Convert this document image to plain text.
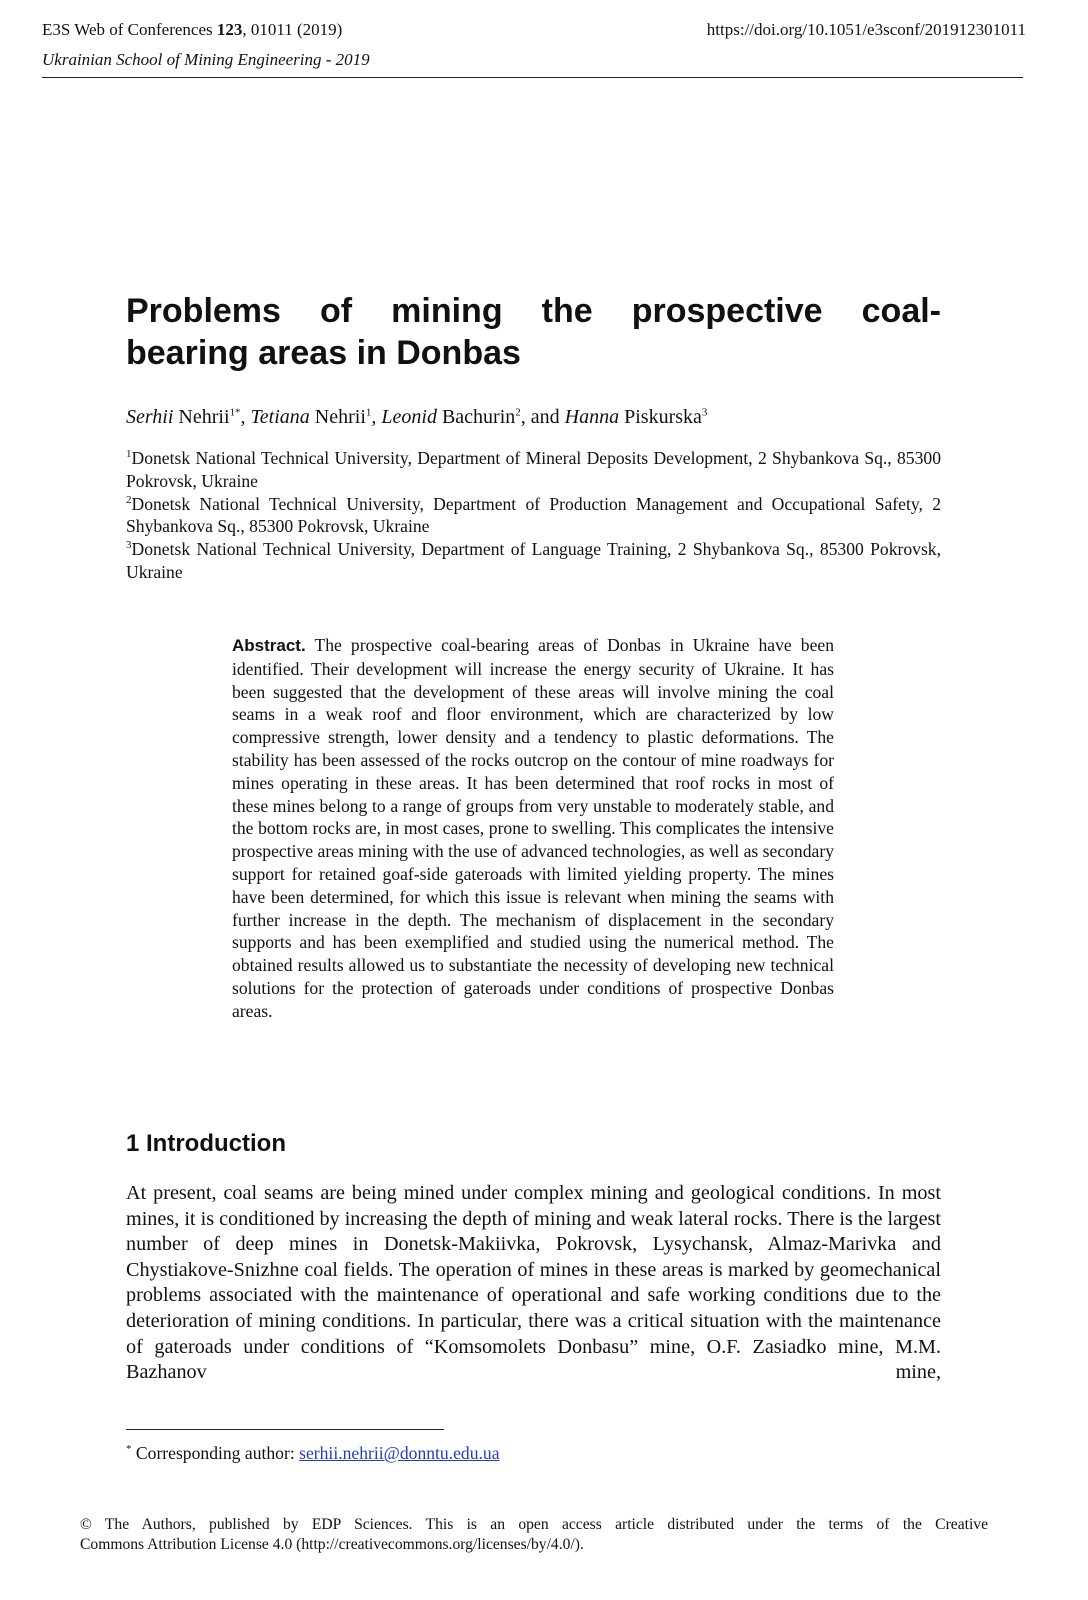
E3S Web of Conferences 123, 01011 (2019)	https://doi.org/10.1051/e3sconf/201912301011
Ukrainian School of Mining Engineering - 2019
Problems of mining the prospective coal-
bearing areas in Donbas
Serhii Nehrii$^{1*}$, Tetiana Nehrii$^1$, Leonid Bachurin$^2$, and Hanna Piskurska$^3$
$^1$Donetsk National Technical University, Department of Mineral Deposits Development, 2 Shybankova Sq., 85300 Pokrovsk, Ukraine
$^2$Donetsk National Technical University, Department of Production Management and Occupational Safety, 2 Shybankova Sq., 85300 Pokrovsk, Ukraine
$^3$Donetsk National Technical University, Department of Language Training, 2 Shybankova Sq., 85300 Pokrovsk, Ukraine
Abstract. The prospective coal-bearing areas of Donbas in Ukraine have been identified. Their development will increase the energy security of Ukraine. It has been suggested that the development of these areas will involve mining the coal seams in a weak roof and floor environment, which are characterized by low compressive strength, lower density and a tendency to plastic deformations. The stability has been assessed of the rocks outcrop on the contour of mine roadways for mines operating in these areas. It has been determined that roof rocks in most of these mines belong to a range of groups from very unstable to moderately stable, and the bottom rocks are, in most cases, prone to swelling. This complicates the intensive prospective areas mining with the use of advanced technologies, as well as secondary support for retained goaf-side gateroads with limited yielding property. The mines have been determined, for which this issue is relevant when mining the seams with further increase in the depth. The mechanism of displacement in the secondary supports and has been exemplified and studied using the numerical method. The obtained results allowed us to substantiate the necessity of developing new technical solutions for the protection of gateroads under conditions of prospective Donbas areas.
1 Introduction
At present, coal seams are being mined under complex mining and geological conditions. In most mines, it is conditioned by increasing the depth of mining and weak lateral rocks. There is the largest number of deep mines in Donetsk-Makiivka, Pokrovsk, Lysychansk, Almaz-Marivka and Chystiakove-Snizhne coal fields. The operation of mines in these areas is marked by geomechanical problems associated with the maintenance of operational and safe working conditions due to the deterioration of mining conditions. In particular, there was a critical situation with the maintenance of gateroads under conditions of “Komsomolets Donbasu” mine, O.F. Zasiadko mine, M.M. Bazhanov mine,
* Corresponding author: serhii.nehrii@donntu.edu.ua
© The Authors, published by EDP Sciences. This is an open access article distributed under the terms of the Creative
Commons Attribution License 4.0 (http://creativecommons.org/licenses/by/4.0/).
